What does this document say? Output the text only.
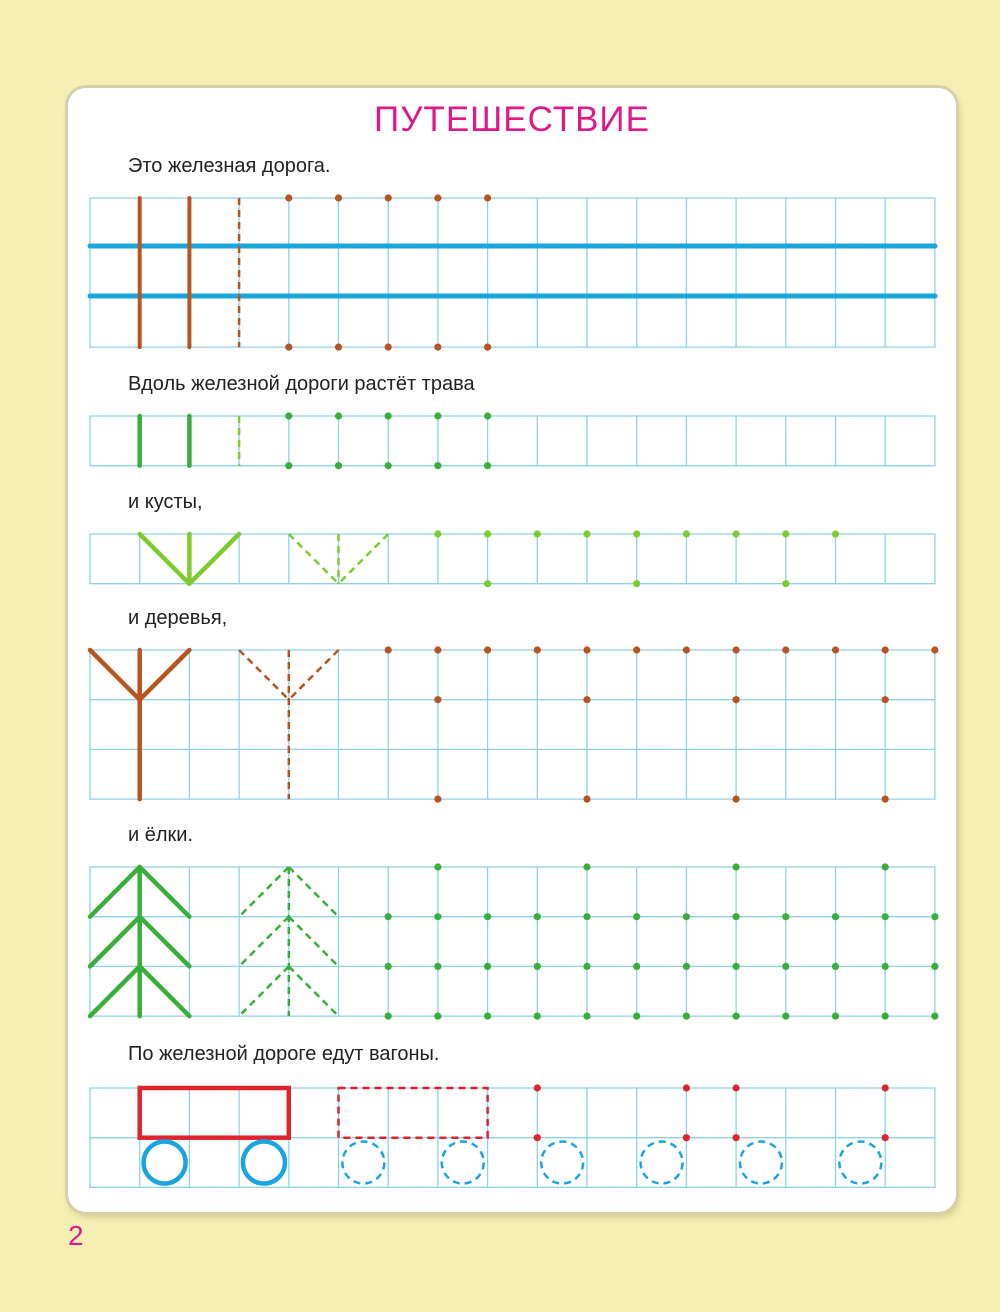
ПУТЕШЕСТВИЕ
Это железная дорога.
Вдоль железной дороги растёт трава
и кусты,
и деревья,
и ёлки.
По железной дороге едут вагоны.
2
